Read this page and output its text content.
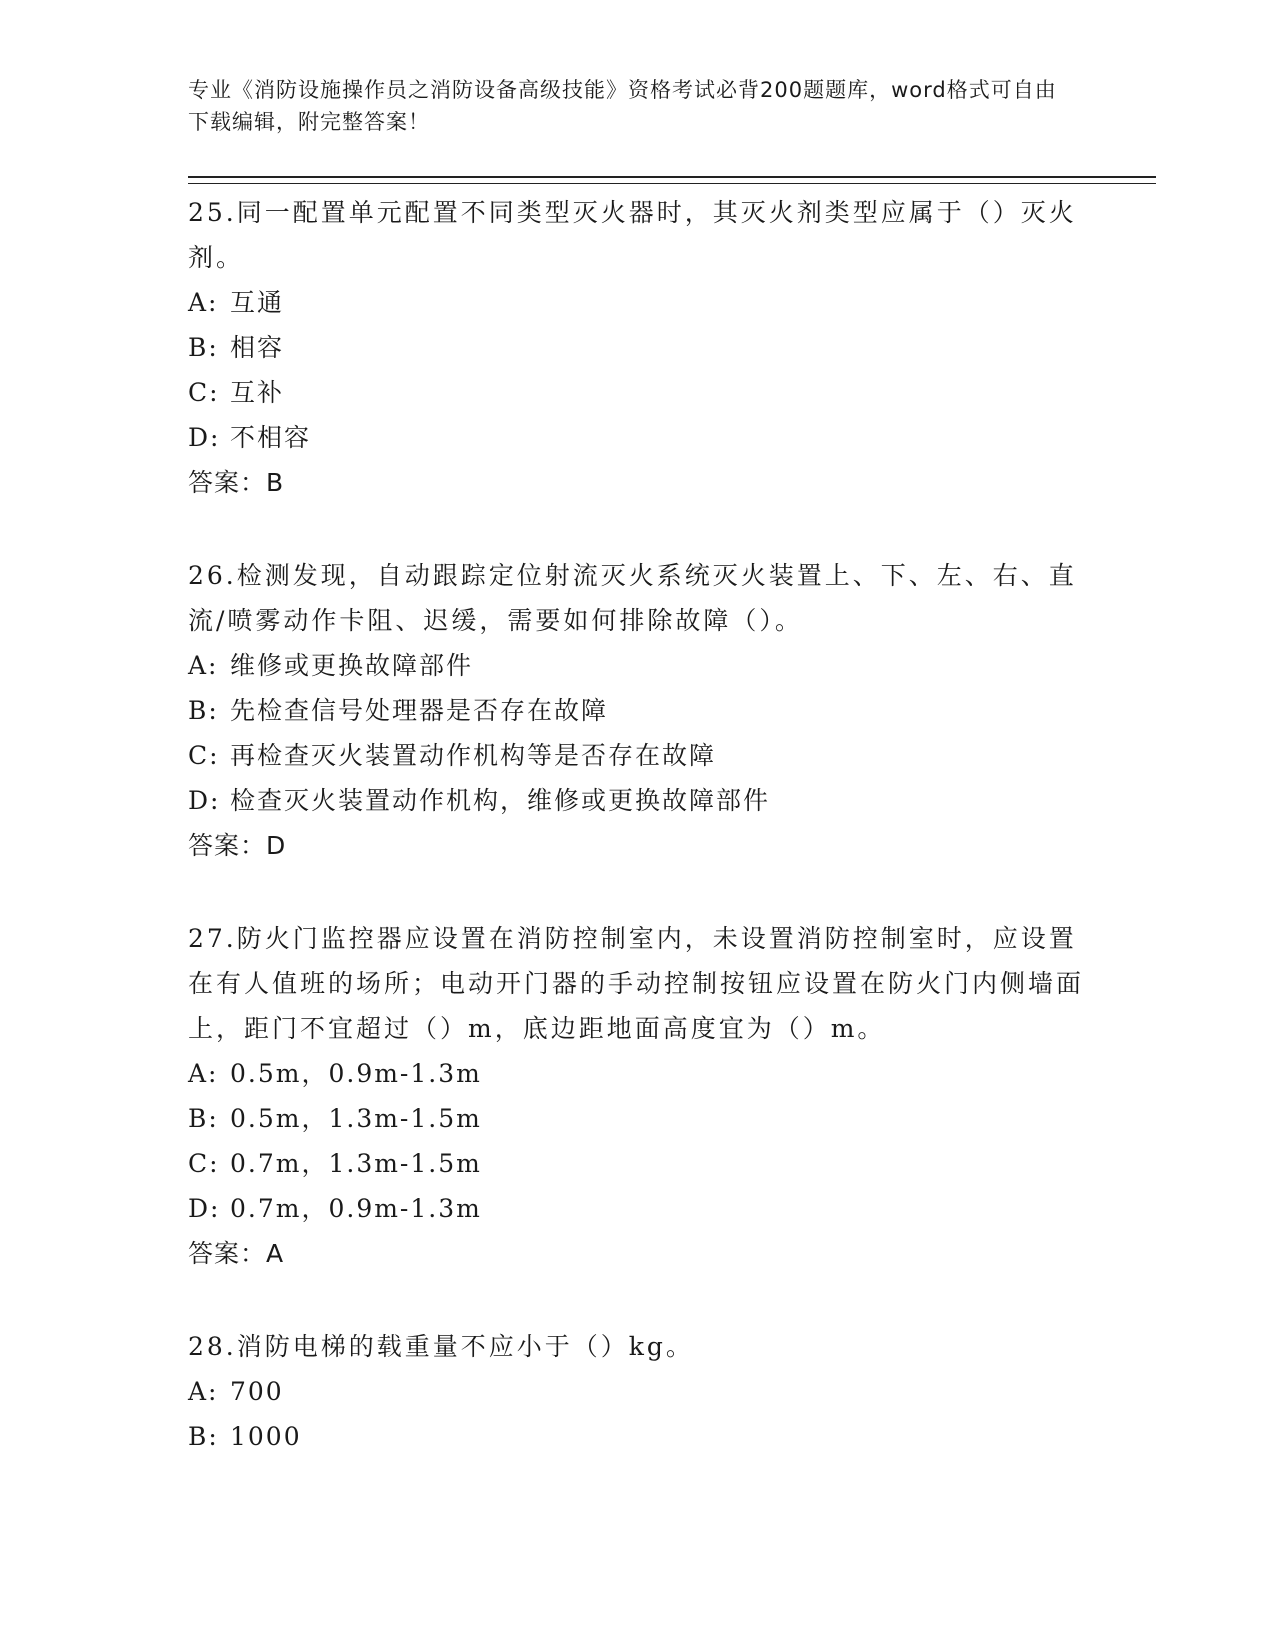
专业《消防设施操作员之消防设备高级技能》资格考试必背200题题库，word格式可自由下载编辑，附完整答案！

25.同一配置单元配置不同类型灭火器时，其灭火剂类型应属于（）灭火剂。

A: 互通

B: 相容

C: 互补

D: 不相容

答案：B

26.检测发现，自动跟踪定位射流灭火系统灭火装置上、下、左、右、直流/喷雾动作卡阻、迟缓，需要如何排除故障（）。

A: 维修或更换故障部件

B: 先检查信号处理器是否存在故障

C: 再检查灭火装置动作机构等是否存在故障

D: 检查灭火装置动作机构，维修或更换故障部件

答案：D

27.防火门监控器应设置在消防控制室内，未设置消防控制室时，应设置在有人值班的场所；电动开门器的手动控制按钮应设置在防火门内侧墙面上，距门不宜超过（）m，底边距地面高度宜为（）m。

A: 0.5m，0.9m-1.3m

B: 0.5m，1.3m-1.5m

C: 0.7m，1.3m-1.5m

D: 0.7m，0.9m-1.3m

答案：A

28.消防电梯的载重量不应小于（）kg。

A: 700

B: 1000
